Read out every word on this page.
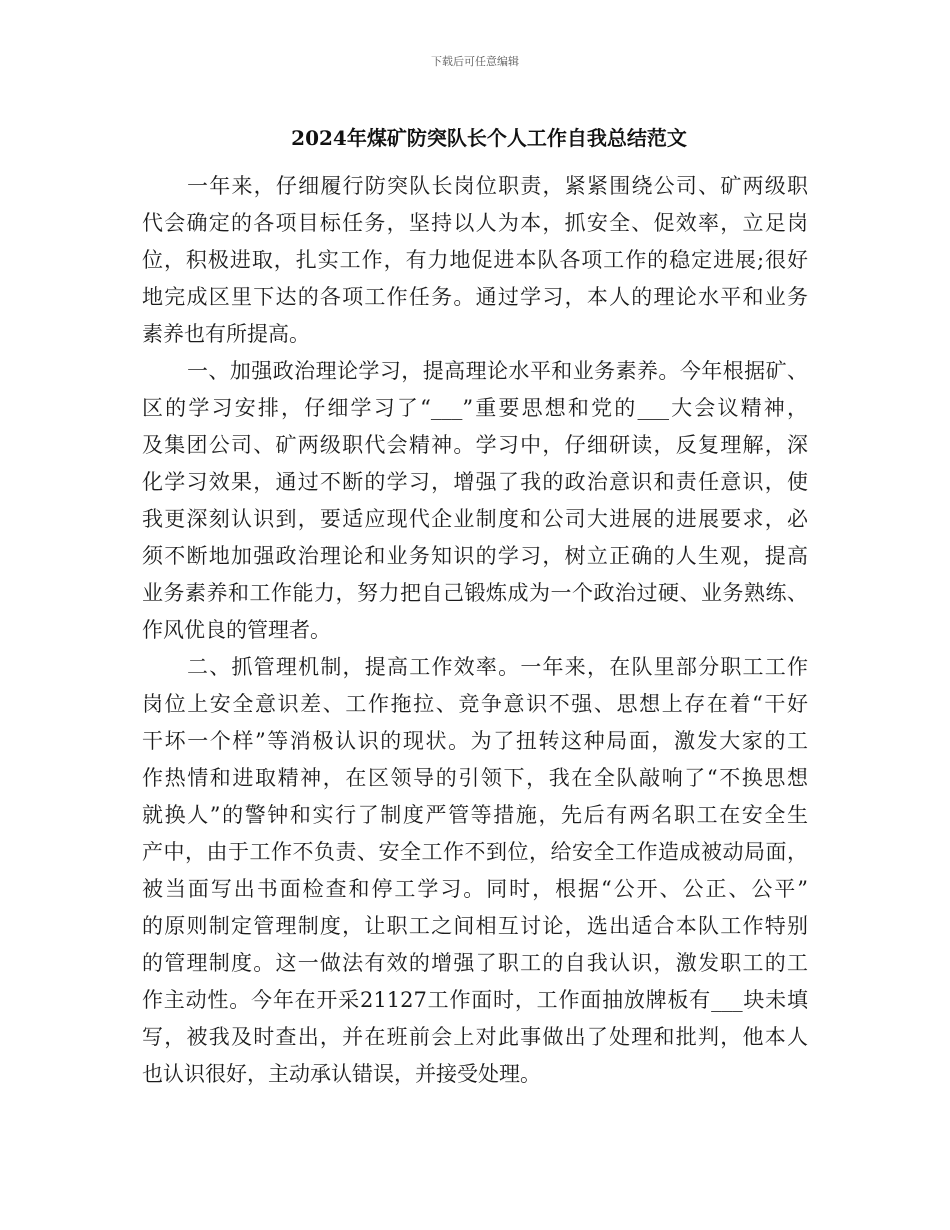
下载后可任意编辑
2024年煤矿防突队长个人工作自我总结范文
一年来，仔细履行防突队长岗位职责，紧紧围绕公司、矿两级职
代会确定的各项目标任务，坚持以人为本，抓安全、促效率，立足岗
位，积极进取，扎实工作，有力地促进本队各项工作的稳定进展;很好
地完成区里下达的各项工作任务。通过学习，本人的理论水平和业务
素养也有所提高。
一、加强政治理论学习，提高理论水平和业务素养。今年根据矿、
区的学习安排，仔细学习了“___”重要思想和党的___大会议精神，
及集团公司、矿两级职代会精神。学习中，仔细研读，反复理解，深
化学习效果，通过不断的学习，增强了我的政治意识和责任意识，使
我更深刻认识到，要适应现代企业制度和公司大进展的进展要求，必
须不断地加强政治理论和业务知识的学习，树立正确的人生观，提高
业务素养和工作能力，努力把自己锻炼成为一个政治过硬、业务熟练、
作风优良的管理者。
二、抓管理机制，提高工作效率。一年来，在队里部分职工工作
岗位上安全意识差、工作拖拉、竞争意识不强、思想上存在着“干好
干坏一个样”等消极认识的现状。为了扭转这种局面，激发大家的工
作热情和进取精神，在区领导的引领下，我在全队敲响了“不换思想
就换人”的警钟和实行了制度严管等措施，先后有两名职工在安全生
产中，由于工作不负责、安全工作不到位，给安全工作造成被动局面，
被当面写出书面检查和停工学习。同时，根据“公开、公正、公平”
的原则制定管理制度，让职工之间相互讨论，选出适合本队工作特别
的管理制度。这一做法有效的增强了职工的自我认识，激发职工的工
作主动性。今年在开采21127工作面时，工作面抽放牌板有___块未填
写，被我及时查出，并在班前会上对此事做出了处理和批判，他本人
也认识很好，主动承认错误，并接受处理。
